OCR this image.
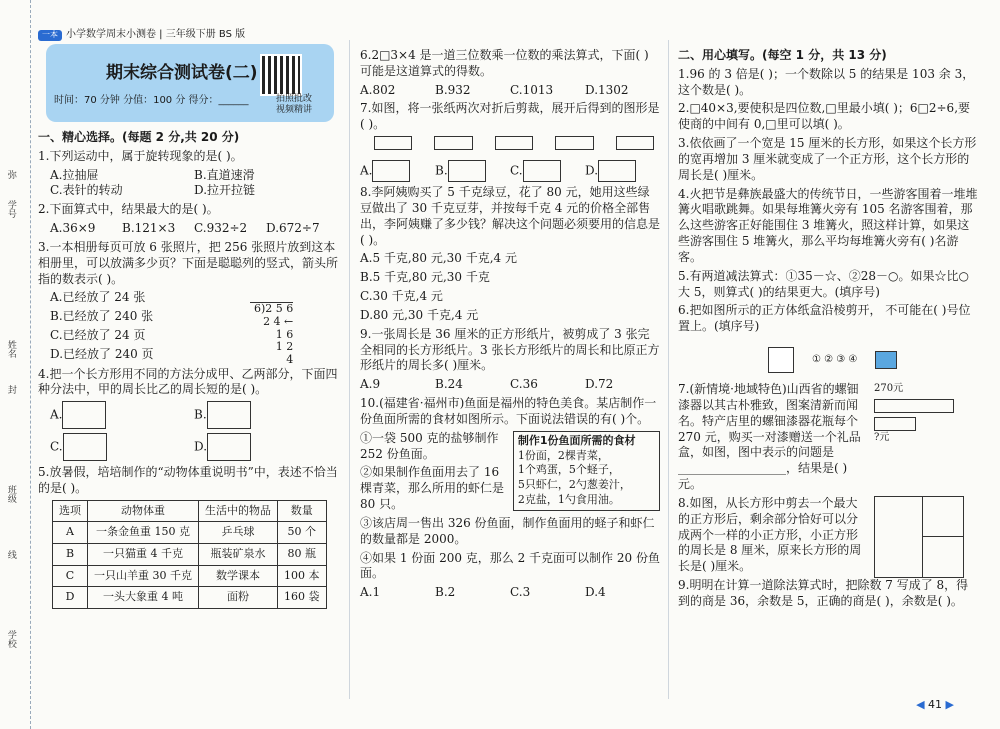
学号
弥
姓名
封
班级
线
学校
一本 小学数学周末小测卷 | 三年级下册 BS 版
期末综合测试卷(二)
时间：70 分钟 分值：100 分 得分：______	拍照批改
视频精讲

一、精心选择。(每题 2 分,共 20 分)

1.下列运动中，属于旋转现象的是( )。

A.拉抽屉	B.直道速滑
C.表针的转动	D.拉开拉链

2.下面算式中，结果最大的是( )。

A.36×9	B.121×3	C.932÷2	D.672÷7

3.一本相册每页可放 6 张照片，把 256 张照片放到这本相册里，可以放满多少页？下面是聪聪列的竖式，箭头所指的数表示( )。

A.已经放了 24 张

B.已经放了 240 张

C.已经放了 24 页

D.已经放了 240 页

6)2 5 6
2 4 ←
1 6
1 2
4

4.把一个长方形用不同的方法分成甲、乙两部分，下面四种分法中，甲的周长比乙的周长短的是( )。

A.	B.
C.	D.

5.放暑假，培培制作的“动物体重说明书”中，表述不恰当的是( )。

选项	动物体重	生活中的物品	数量
A	一条金鱼重 150 克	乒乓球	50 个
B	一只猫重 4 千克	瓶装矿泉水	80 瓶
C	一只山羊重 30 千克	数学课本	100 本
D	一头大象重 4 吨	面粉	160 袋

6.2□3×4 是一道三位数乘一位数的乘法算式，下面( )可能是这道算式的得数。

A.802	B.932	C.1013	D.1302

7.如图，将一张纸两次对折后剪裁，展开后得到的图形是( )。

A.	B.	C.	D.

8.李阿姨购买了 5 千克绿豆，花了 80 元，她用这些绿豆做出了 30 千克豆芽，并按每千克 4 元的价格全部售出，李阿姨赚了多少钱？解决这个问题必须要用的信息是( )。

A.5 千克,80 元,30 千克,4 元

B.5 千克,80 元,30 千克

C.30 千克,4 元

D.80 元,30 千克,4 元

9.一张周长是 36 厘米的正方形纸片，被剪成了 3 张完全相同的长方形纸片。3 张长方形纸片的周长和比原正方形纸片的周长多( )厘米。

A.9	B.24	C.36	D.72

10.(福建省·福州市)鱼面是福州的特色美食。某店制作一份鱼面所需的食材如图所示。下面说法错误的有( )个。

①一袋 500 克的盐够制作 252 份鱼面。

②如果制作鱼面用去了 16 棵青菜，那么所用的虾仁是 80 只。

制作1份鱼面所需的食材
1份面，2棵青菜，
1个鸡蛋，5个蛏子，
5只虾仁，2勺葱姜汁，
2克盐，1勺食用油。

③该店周一售出 326 份鱼面，制作鱼面用的蛏子和虾仁的数量都是 2000。

④如果 1 份面 200 克，那么 2 千克面可以制作 20 份鱼面。

A.1	B.2	C.3	D.4

二、用心填写。(每空 1 分，共 13 分)

1.96 的 3 倍是( )；一个数除以 5 的结果是 103 余 3，这个数是( )。

2.□40×3,要使积是四位数,□里最小填( )；6□2÷6,要使商的中间有 0,□里可以填( )。

3.依依画了一个宽是 15 厘米的长方形，如果这个长方形的宽再增加 3 厘米就变成了一个正方形，这个长方形的周长是( )厘米。

4.火把节是彝族最盛大的传统节日，一些游客围着一堆堆篝火唱歌跳舞。如果每堆篝火旁有 105 名游客围着，那么这些游客正好能围住 3 堆篝火，照这样计算，如果这些游客围住 5 堆篝火，那么平均每堆篝火旁有( )名游客。

5.有两道减法算式：①35－☆、②28－○。如果☆比○大 5，则算式( )的结果更大。(填序号)

6.把如图所示的正方体纸盒沿棱剪开， 不可能在( )号位置上。(填序号)

① ② ③ ④

7.(新情境·地域特色)山西省的螺钿漆器以其古朴雅致，图案清新而闻名。特产店里的螺钿漆器花瓶每个 270 元，购买一对漆赠送一个礼品盒，如图，图中表示的问题是__________________，结果是( )元。

270元
?元

8.如图，从长方形中剪去一个最大的正方形后，剩余部分恰好可以分成两个一样的小正方形，小正方形的周长是 8 厘米，原来长方形的周长是( )厘米。

9.明明在计算一道除法算式时，把除数 7 写成了 8，得到的商是 36，余数是 5，正确的商是( )，余数是( )。

◀ 41 ▶
